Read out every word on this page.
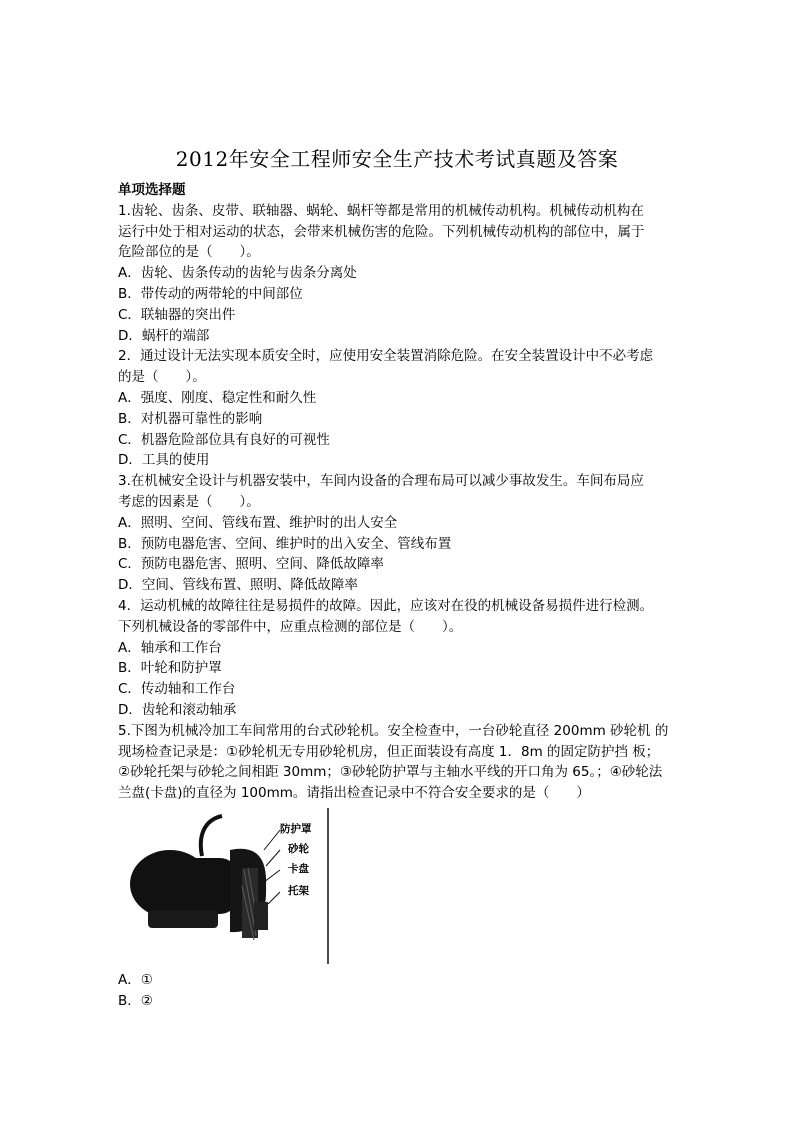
2012年安全工程师安全生产技术考试真题及答案
单项选择题
1.齿轮、齿条、皮带、联轴器、蜗轮、蜗杆等都是常用的机械传动机构。机械传动机构在
运行中处于相对运动的状态，会带来机械伤害的危险。下列机械传动机构的部位中，属于
危险部位的是（　　）。
A．齿轮、齿条传动的齿轮与齿条分离处
B．带传动的两带轮的中间部位
C．联轴器的突出件
D．蜗杆的端部
2．通过设计无法实现本质安全时，应使用安全装置消除危险。在安全装置设计中不必考虑
的是（　　）。
A．强度、刚度、稳定性和耐久性
B．对机器可靠性的影响
C．机器危险部位具有良好的可视性
D．工具的使用
3.在机械安全设计与机器安装中，车间内设备的合理布局可以减少事故发生。车间布局应
考虑的因素是（　　）。
A．照明、空间、管线布置、维护时的出人安全
B．预防电器危害、空间、维护时的出入安全、管线布置
C．预防电器危害、照明、空间、降低故障率
D．空间、管线布置、照明、降低故障率
4．运动机械的故障往往是易损件的故障。因此，应该对在役的机械设备易损件进行检测。
下列机械设备的零部件中，应重点检测的部位是（　　）。
A．轴承和工作台
B．叶轮和防护罩
C．传动轴和工作台
D．齿轮和滚动轴承
5.下图为机械冷加工车间常用的台式砂轮机。安全检查中，一台砂轮直径 200mm 砂轮机 的
现场检查记录是：①砂轮机无专用砂轮机房，但正面装设有高度 1．8m 的固定防护挡 板；
②砂轮托架与砂轮之间相距 30mm；③砂轮防护罩与主轴水平线的开口角为 65。；④砂轮法
兰盘(卡盘)的直径为 100mm。请指出检查记录中不符合安全要求的是（　　）
防护罩
砂轮
卡盘
托架
A．①
B．②
